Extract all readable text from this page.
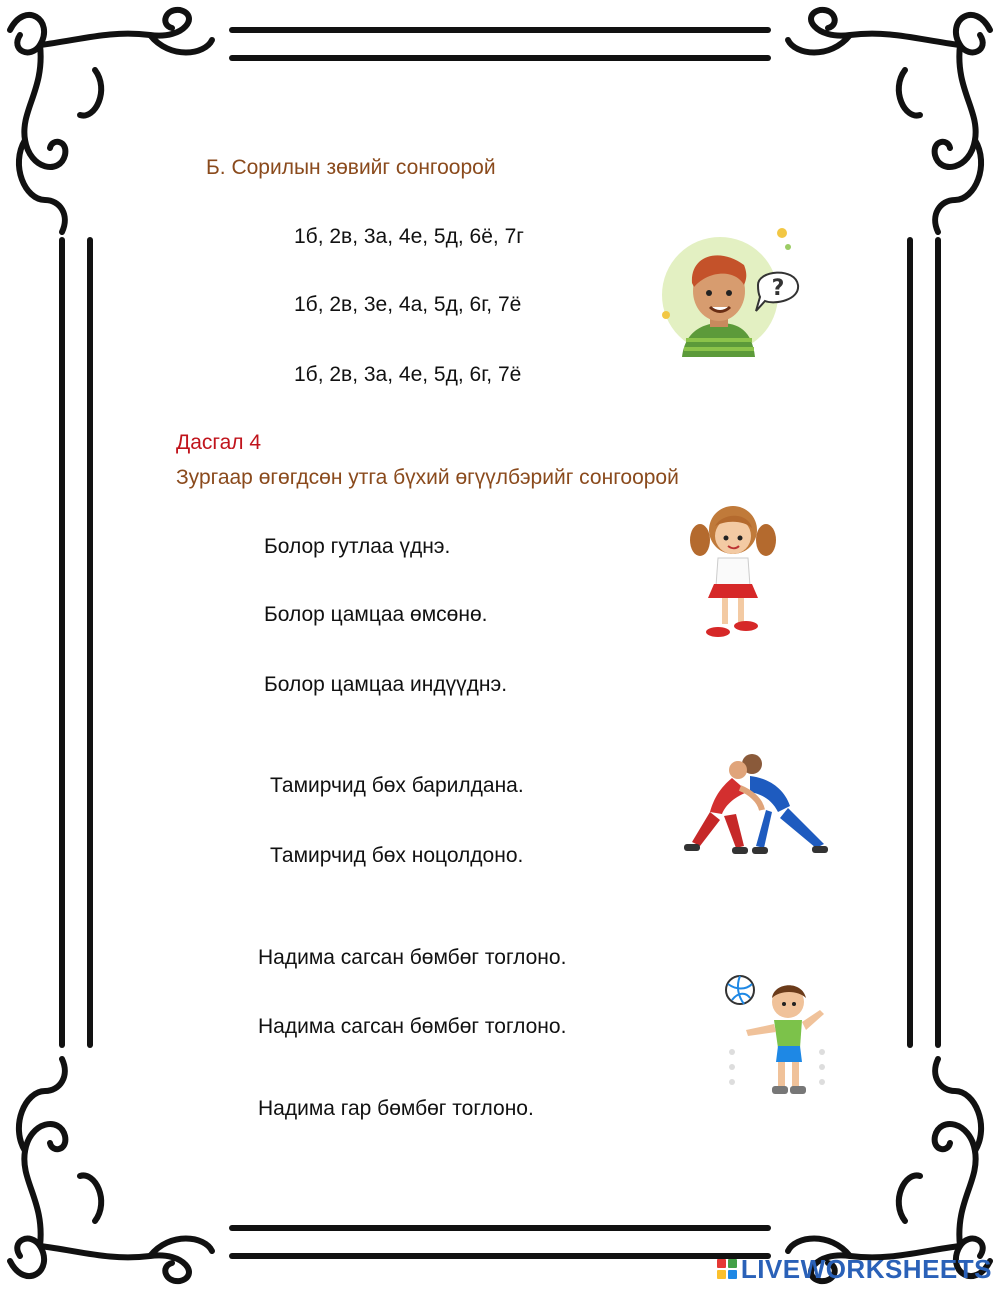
Б. Сорилын зөвийг сонгоорой
1б, 2в, 3а, 4е, 5д, 6ё, 7г
1б, 2в, 3е, 4а, 5д, 6г, 7ё
1б, 2в, 3а, 4е, 5д, 6г, 7ё
?
Дасгал 4
Зургаар өгөгдсөн утга бүхий өгүүлбэрийг сонгоорой
Болор гутлаа үднэ.
Болор цамцаа өмсөнө.
Болор цамцаа индүүднэ.
Тамирчид бөх барилдана.
Тамирчид бөх ноцолдоно.
Надима сагсан бөмбөг тоглоно.
Надима сагсан бөмбөг тоглоно.
Надима гар бөмбөг тоглоно.
LIVEWORKSHEETS
